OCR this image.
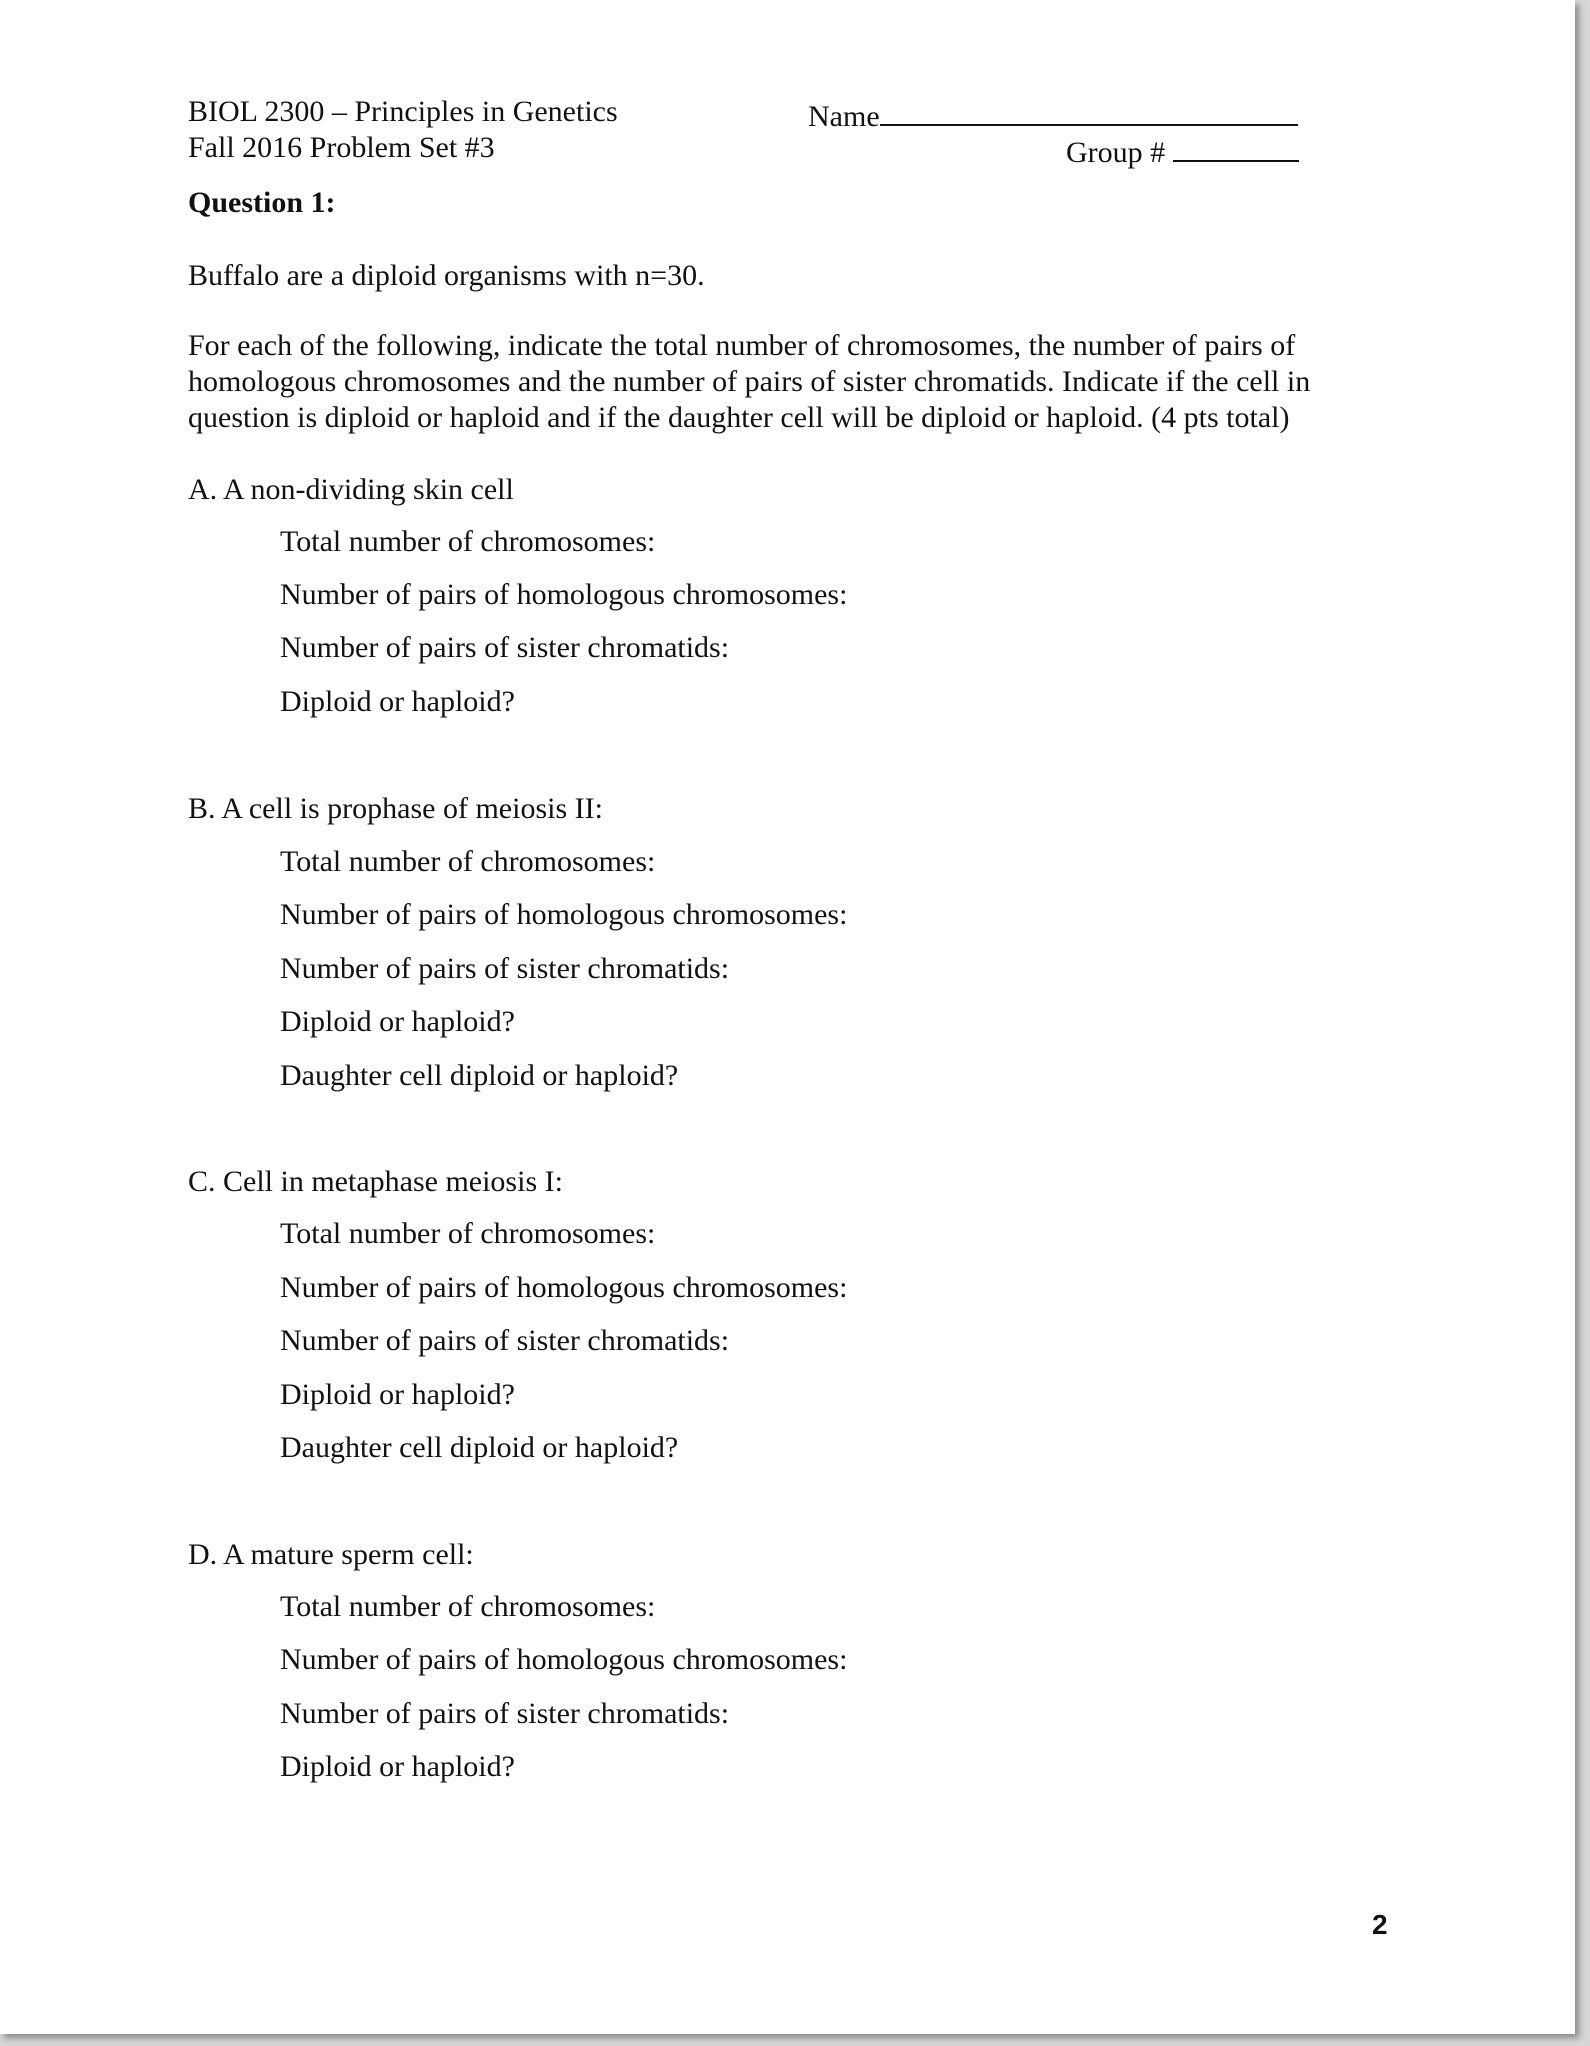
BIOL 2300 – Principles in Genetics
Fall 2016 Problem Set #3
Name
Group #
Question 1:
Buffalo are a diploid organisms with n=30.
For each of the following, indicate the total number of chromosomes, the number of pairs of
homologous chromosomes and the number of pairs of sister chromatids. Indicate if the cell in
question is diploid or haploid and if the daughter cell will be diploid or haploid. (4 pts total)
A. A non-dividing skin cell
Total number of chromosomes:
Number of pairs of homologous chromosomes:
Number of pairs of sister chromatids:
Diploid or haploid?
B. A cell is prophase of meiosis II:
Total number of chromosomes:
Number of pairs of homologous chromosomes:
Number of pairs of sister chromatids:
Diploid or haploid?
Daughter cell diploid or haploid?
C. Cell in metaphase meiosis I:
Total number of chromosomes:
Number of pairs of homologous chromosomes:
Number of pairs of sister chromatids:
Diploid or haploid?
Daughter cell diploid or haploid?
D. A mature sperm cell:
Total number of chromosomes:
Number of pairs of homologous chromosomes:
Number of pairs of sister chromatids:
Diploid or haploid?
2
